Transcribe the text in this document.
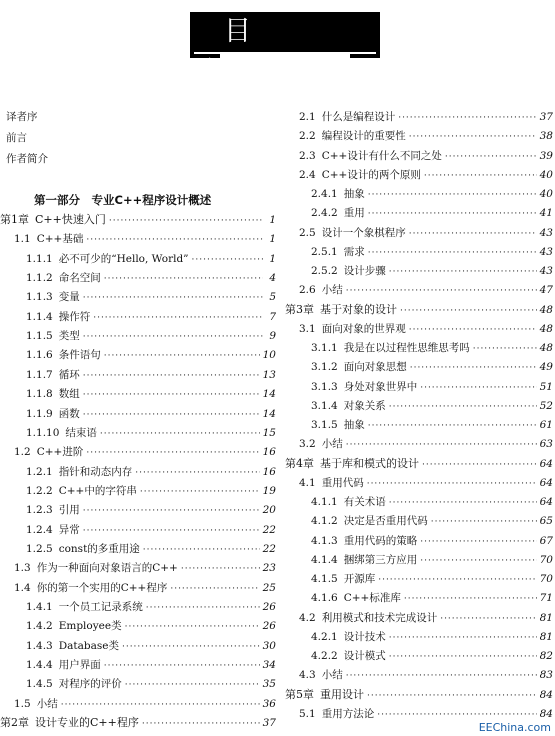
目 录
译者序
前言
作者简介
第一部分　专业C++程序设计概述
第1章 C++快速入门 ·····	1
1.1 C++基础 ·····	1
1.1.1 必不可少的“Hello, World” ·····	1
1.1.2 命名空间 ·····	4
1.1.3 变量 ·····	5
1.1.4 操作符 ·····	7
1.1.5 类型 ·····	9
1.1.6 条件语句 ·····	10
1.1.7 循环 ·····	13
1.1.8 数组 ·····	14
1.1.9 函数 ·····	14
1.1.10 结束语 ·····	15
1.2 C++进阶 ·····	16
1.2.1 指针和动态内存 ·····	16
1.2.2 C++中的字符串 ·····	19
1.2.3 引用 ·····	20
1.2.4 异常 ·····	22
1.2.5 const的多重用途 ·····	22
1.3 作为一种面向对象语言的C++ ·····	23
1.4 你的第一个实用的C++程序 ·····	25
1.4.1 一个员工记录系统 ·····	26
1.4.2 Employee类 ·····	26
1.4.3 Database类 ·····	30
1.4.4 用户界面 ·····	34
1.4.5 对程序的评价 ·····	35
1.5 小结 ·····	36
第2章 设计专业的C++程序 ·····	37
2.1 什么是编程设计 ·····	37
2.2 编程设计的重要性 ·····	38
2.3 C++设计有什么不同之处 ·····	39
2.4 C++设计的两个原则 ·····	40
2.4.1 抽象 ·····	40
2.4.2 重用 ·····	41
2.5 设计一个象棋程序 ·····	43
2.5.1 需求 ·····	43
2.5.2 设计步骤 ·····	43
2.6 小结 ·····	47
第3章 基于对象的设计 ·····	48
3.1 面向对象的世界观 ·····	48
3.1.1 我是在以过程性思维思考吗 ·····	48
3.1.2 面向对象思想 ·····	49
3.1.3 身处对象世界中 ·····	51
3.1.4 对象关系 ·····	52
3.1.5 抽象 ·····	61
3.2 小结 ·····	63
第4章 基于库和模式的设计 ·····	64
4.1 重用代码 ·····	64
4.1.1 有关术语 ·····	64
4.1.2 决定是否重用代码 ·····	65
4.1.3 重用代码的策略 ·····	67
4.1.4 捆绑第三方应用 ·····	70
4.1.5 开源库 ·····	70
4.1.6 C++标准库 ·····	71
4.2 利用模式和技术完成设计 ·····	81
4.2.1 设计技术 ·····	81
4.2.2 设计模式 ·····	82
4.3 小结 ·····	83
第5章 重用设计 ·····	84
5.1 重用方法论 ·····	84
EEChina.com
